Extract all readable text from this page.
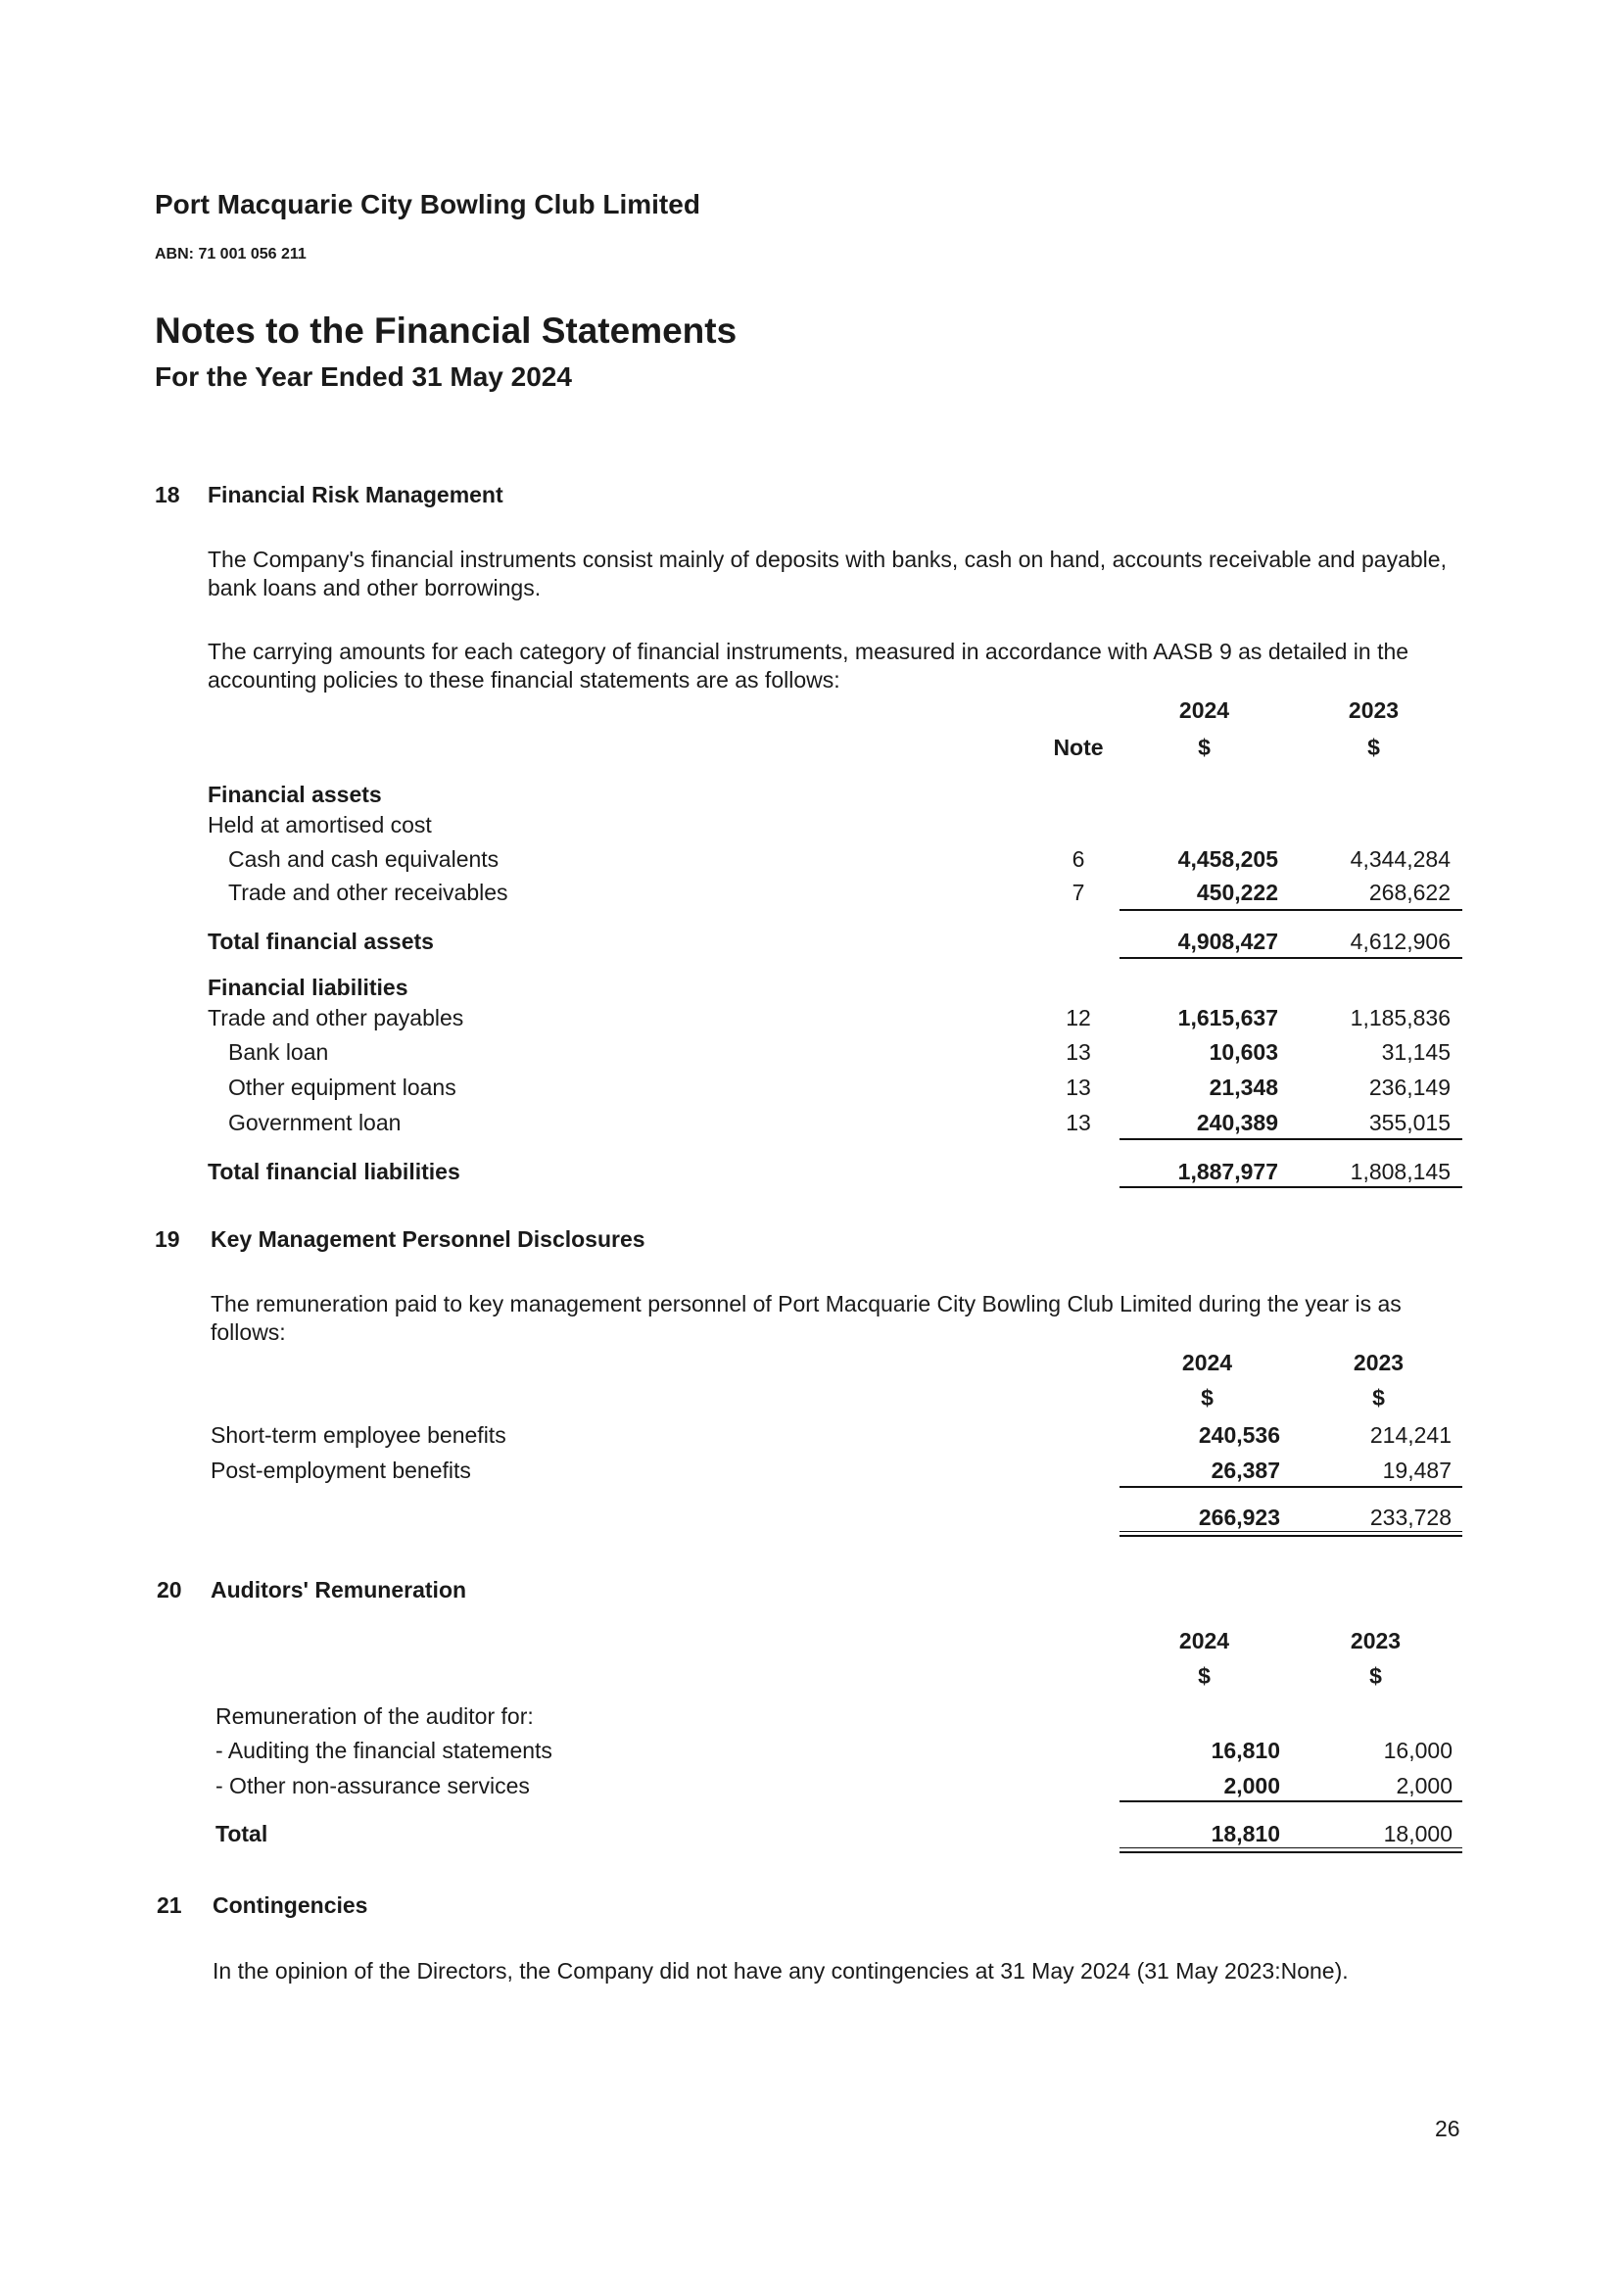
Port Macquarie City Bowling Club Limited
ABN: 71 001 056 211
Notes to the Financial Statements
For the Year Ended 31 May 2024
18 Financial Risk Management
The Company's financial instruments consist mainly of deposits with banks, cash on hand, accounts receivable and payable, bank loans and other borrowings.
The carrying amounts for each category of financial instruments, measured in accordance with AASB 9 as detailed in the accounting policies to these financial statements are as follows:
2024	2023
Note	$	$
Financial assets
Held at amortised cost
Cash and cash equivalents	6	4,458,205	4,344,284
Trade and other receivables	7	450,222	268,622
Total financial assets	4,908,427	4,612,906
Financial liabilities
Trade and other payables	12	1,615,637	1,185,836
Bank loan	13	10,603	31,145
Other equipment loans	13	21,348	236,149
Government loan	13	240,389	355,015
Total financial liabilities	1,887,977	1,808,145
19 Key Management Personnel Disclosures
The remuneration paid to key management personnel of Port Macquarie City Bowling Club Limited during the year is as follows:
2024	2023
$	$
Short-term employee benefits	240,536	214,241
Post-employment benefits	26,387	19,487
266,923	233,728
20 Auditors' Remuneration
2024	2023
$	$
Remuneration of the auditor for:
- Auditing the financial statements	16,810	16,000
- Other non-assurance services	2,000	2,000
Total	18,810	18,000
21 Contingencies
In the opinion of the Directors, the Company did not have any contingencies at 31 May 2024 (31 May 2023:None).
26
